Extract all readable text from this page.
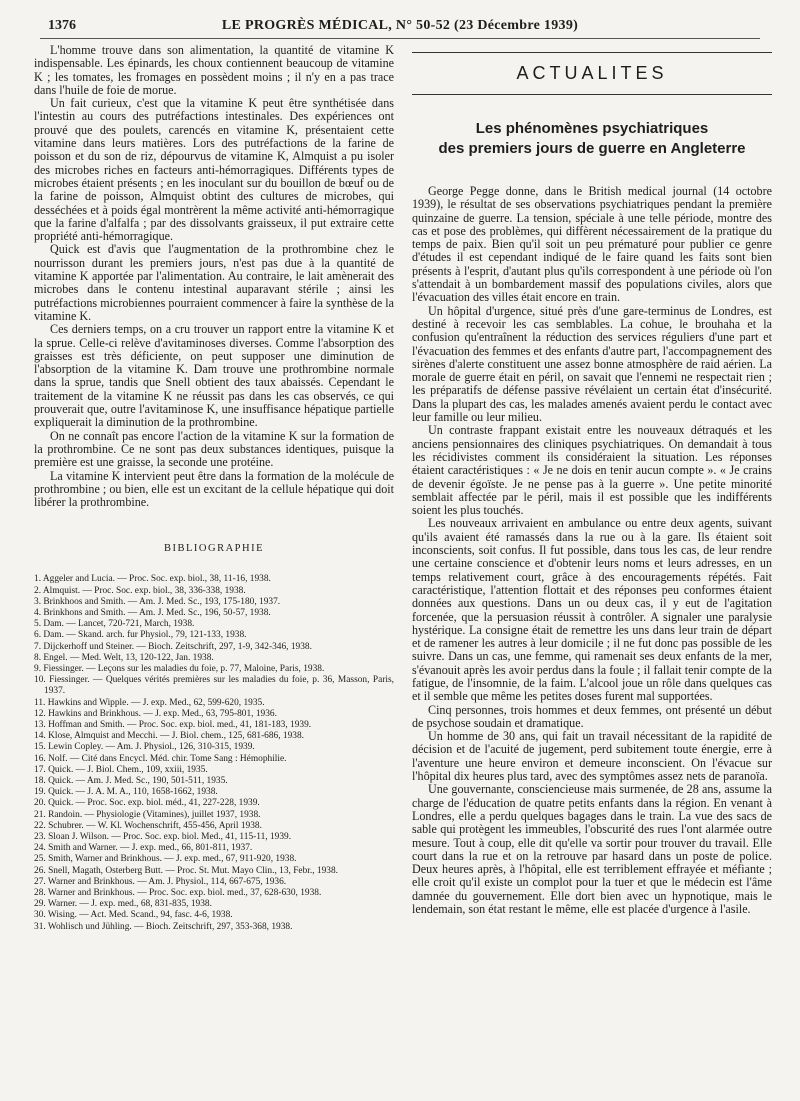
1376	LE PROGRÈS MÉDICAL, N° 50-52 (23 Décembre 1939)

L'homme trouve dans son alimentation, la quantité de vitamine K indispensable. Les épinards, les choux contiennent beaucoup de vitamine K ; les tomates, les fromages en possèdent moins ; il n'y en a pas trace dans l'huile de foie de morue.

Un fait curieux, c'est que la vitamine K peut être synthétisée dans l'intestin au cours des putréfactions intestinales. Des expériences ont prouvé que des poulets, carencés en vitamine K, présentaient cette vitamine dans leurs matières. Lors des putréfactions de la farine de poisson et du son de riz, dépourvus de vitamine K, Almquist a pu isoler des microbes riches en facteurs anti-hémorragiques. Différents types de microbes étaient présents ; en les inoculant sur du bouillon de bœuf ou de la farine de poisson, Almquist obtint des cultures de microbes, qui desséchées et à poids égal montrèrent la même activité anti-hémorragique que la farine d'alfalfa ; par des dissolvants graisseux, il put extraire cette propriété anti-hémorragique.

Quick est d'avis que l'augmentation de la prothrombine chez le nourrisson durant les premiers jours, n'est pas due à la quantité de vitamine K apportée par l'alimentation. Au contraire, le lait amènerait des microbes dans le contenu intestinal auparavant stérile ; ainsi les putréfactions microbiennes pourraient commencer à faire la synthèse de la vitamine K.

Ces derniers temps, on a cru trouver un rapport entre la vitamine K et la sprue. Celle-ci relève d'avitaminoses diverses. Comme l'absorption des graisses est très déficiente, on peut supposer une diminution de l'absorption de la vitamine K. Dam trouve une prothrombine normale dans la sprue, tandis que Snell obtient des taux abaissés. Cependant le traitement de la vitamine K ne réussit pas dans les cas observés, ce qui prouverait que, outre l'avitaminose K, une insuffisance hépatique partielle expliquerait la diminution de la prothrombine.

On ne connaît pas encore l'action de la vitamine K sur la formation de la prothrombine. Ce ne sont pas deux substances identiques, puisque la première est une graisse, la seconde une protéine.

La vitamine K intervient peut être dans la formation de la molécule de prothrombine ; ou bien, elle est un excitant de la cellule hépatique qui doit libérer la prothrombine.

BIBLIOGRAPHIE
1. Aggeler and Lucia. — Proc. Soc. exp. biol., 38, 11-16, 1938.
2. Almquist. — Proc. Soc. exp. biol., 38, 336-338, 1938.
3. Brinkhoos and Smith. — Am. J. Med. Sc., 193, 175-180, 1937.
4. Brinkhons and Smith. — Am. J. Med. Sc., 196, 50-57, 1938.
5. Dam. — Lancet, 720-721, March, 1938.
6. Dam. — Skand. arch. fur Physiol., 79, 121-133, 1938.
7. Dijckerhoff und Steiner. — Bioch. Zeitschrift, 297, 1-9, 342-346, 1938.
8. Engel. — Med. Welt, 13, 120-122, Jan. 1938.
9. Fiessinger. — Leçons sur les maladies du foie, p. 77, Maloine, Paris, 1938.
10. Fiessinger. — Quelques vérités premières sur les maladies du foie, p. 36, Masson, Paris, 1937.
11. Hawkins and Wipple. — J. exp. Med., 62, 599-620, 1935.
12. Hawkins and Brinkhous. — J. exp. Med., 63, 795-801, 1936.
13. Hoffman and Smith. — Proc. Soc. exp. biol. med., 41, 181-183, 1939.
14. Klose, Almquist and Mecchi. — J. Biol. chem., 125, 681-686, 1938.
15. Lewin Copley. — Am. J. Physiol., 126, 310-315, 1939.
16. Nolf. — Cité dans Encycl. Méd. chir. Tome Sang : Hémophilie.
17. Quick. — J. Biol. Chem., 109, xxiii, 1935.
18. Quick. — Am. J. Med. Sc., 190, 501-511, 1935.
19. Quick. — J. A. M. A., 110, 1658-1662, 1938.
20. Quick. — Proc. Soc. exp. biol. méd., 41, 227-228, 1939.
21. Randoin. — Physiologie (Vitamines), juillet 1937, 1938.
22. Schubrer. — W. Kl. Wochenschrift, 455-456, April 1938.
23. Sloan J. Wilson. — Proc. Soc. exp. biol. Med., 41, 115-11, 1939.
24. Smith and Warner. — J. exp. med., 66, 801-811, 1937.
25. Smith, Warner and Brinkhous. — J. exp. med., 67, 911-920, 1938.
26. Snell, Magath, Osterberg Butt. — Proc. St. Mut. Mayo Clin., 13, Febr., 1938.
27. Warner and Brinkhous. — Am. J. Physiol., 114, 667-675, 1936.
28. Warner and Brinkhous. — Proc. Soc. exp. biol. med., 37, 628-630, 1938.
29. Warner. — J. exp. med., 68, 831-835, 1938.
30. Wising. — Act. Med. Scand., 94, fasc. 4-6, 1938.
31. Wohlisch und Jühling. — Bioch. Zeitschrift, 297, 353-368, 1938.
ACTUALITES
Les phénomènes psychiatriques
des premiers jours de guerre en Angleterre

George Pegge donne, dans le British medical journal (14 octobre 1939), le résultat de ses observations psychiatriques pendant la première quinzaine de guerre. La tension, spéciale à une telle période, montre des cas et pose des problèmes, qui diffèrent nécessairement de la pratique du temps de paix. Bien qu'il soit un peu prématuré pour publier ce genre d'études il est cependant indiqué de le faire quand les faits sont bien présents à l'esprit, d'autant plus qu'ils correspondent à une période où l'on s'attendait à un bombardement massif des populations civiles, alors que l'évacuation des villes était encore en train.

Un hôpital d'urgence, situé près d'une gare-terminus de Londres, est destiné à recevoir les cas semblables. La cohue, le brouhaha et la confusion qu'entraînent la réduction des services réguliers d'une part et l'évacuation des femmes et des enfants d'autre part, l'accompagnement des sirènes d'alerte constituent une assez bonne atmosphère de raid aérien. La morale de guerre était en péril, on savait que l'ennemi ne respectait rien ; les préparatifs de défense passive révélaient un certain état d'insécurité. Dans la plupart des cas, les malades amenés avaient perdu le contact avec leur famille ou leur milieu.

Un contraste frappant existait entre les nouveaux détraqués et les anciens pensionnaires des cliniques psychiatriques. On demandait à tous les récidivistes comment ils considéraient la situation. Les réponses étaient caractéristiques : « Je ne dois en tenir aucun compte ». « Je crains de devenir égoïste. Je ne pense pas à la guerre ». Une petite minorité semblait affectée par le péril, mais il est possible que les indifférents soient les plus touchés.

Les nouveaux arrivaient en ambulance ou entre deux agents, suivant qu'ils avaient été ramassés dans la rue ou à la gare. Ils étaient soit inconscients, soit confus. Il fut possible, dans tous les cas, de leur rendre une certaine conscience et d'obtenir leurs noms et leurs adresses, en un temps relativement court, grâce à des encouragements répétés. Fait caractéristique, l'attention flottait et des réponses peu conformes étaient données aux questions. Dans un ou deux cas, il y eut de l'agitation forcenée, que la persuasion réussit à contrôler. A signaler une paralysie hystérique. La consigne était de remettre les uns dans leur train de départ et de ramener les autres à leur domicile ; il ne fut donc pas possible de les suivre. Dans un cas, une femme, qui ramenait ses deux enfants de la mer, s'évanouit après les avoir perdus dans la foule ; il fallait tenir compte de la fatigue, de l'insomnie, de la faim. L'alcool joue un rôle dans quelques cas et il semble que même les petites doses furent mal supportées.

Cinq personnes, trois hommes et deux femmes, ont présenté un début de psychose soudain et dramatique.

Un homme de 30 ans, qui fait un travail nécessitant de la rapidité de décision et de l'acuité de jugement, perd subitement toute énergie, erre à l'aventure une heure environ et demeure inconscient. On l'évacue sur l'hôpital dix heures plus tard, avec des symptômes assez nets de paranoïa.

Une gouvernante, consciencieuse mais surmenée, de 28 ans, assume la charge de l'éducation de quatre petits enfants dans la région. En venant à Londres, elle a perdu quelques bagages dans le train. La vue des sacs de sable qui protègent les immeubles, l'obscurité des rues l'ont alarmée outre mesure. Tout à coup, elle dit qu'elle va sortir pour trouver du travail. Elle court dans la rue et on la retrouve par hasard dans un poste de police. Deux heures après, à l'hôpital, elle est terriblement effrayée et méfiante ; elle croit qu'il existe un complot pour la tuer et que le médecin est l'âme damnée du gouvernement. Elle dort bien avec un hypnotique, mais le lendemain, son état restant le même, elle est placée d'urgence à l'asile.
